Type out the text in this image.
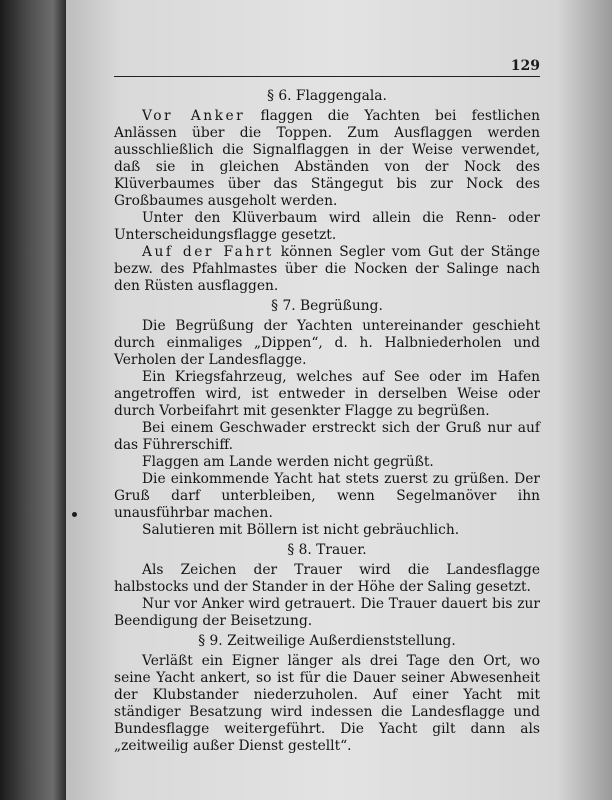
129

§ 6. Flaggengala.

Vor Anker flaggen die Yachten bei festlichen Anlässen über die Toppen. Zum Ausflaggen werden ausschließlich die Signalflaggen in der Weise verwendet, daß sie in gleichen Abständen von der Nock des Klüverbaumes über das Stängegut bis zur Nock des Großbaumes ausgeholt werden.

Unter den Klüverbaum wird allein die Renn- oder Unterscheidungsflagge gesetzt.

Auf der Fahrt können Segler vom Gut der Stänge bezw. des Pfahlmastes über die Nocken der Salinge nach den Rüsten ausflaggen.

§ 7. Begrüßung.

Die Begrüßung der Yachten untereinander geschieht durch einmaliges „Dippen“, d. h. Halbniederholen und Verholen der Landesflagge.

Ein Kriegsfahrzeug, welches auf See oder im Hafen angetroffen wird, ist entweder in derselben Weise oder durch Vorbeifahrt mit gesenkter Flagge zu begrüßen.

Bei einem Geschwader erstreckt sich der Gruß nur auf das Führerschiff.

Flaggen am Lande werden nicht gegrüßt.

Die einkommende Yacht hat stets zuerst zu grüßen. Der Gruß darf unterbleiben, wenn Segelmanöver ihn unausführbar machen.

Salutieren mit Böllern ist nicht gebräuchlich.

§ 8. Trauer.

Als Zeichen der Trauer wird die Landesflagge halbstocks und der Stander in der Höhe der Saling gesetzt.

Nur vor Anker wird getrauert. Die Trauer dauert bis zur Beendigung der Beisetzung.

§ 9. Zeitweilige Außerdienststellung.

Verläßt ein Eigner länger als drei Tage den Ort, wo seine Yacht ankert, so ist für die Dauer seiner Abwesenheit der Klubstander niederzuholen. Auf einer Yacht mit ständiger Besatzung wird indessen die Landesflagge und Bundesflagge weitergeführt. Die Yacht gilt dann als „zeitweilig außer Dienst gestellt“.
